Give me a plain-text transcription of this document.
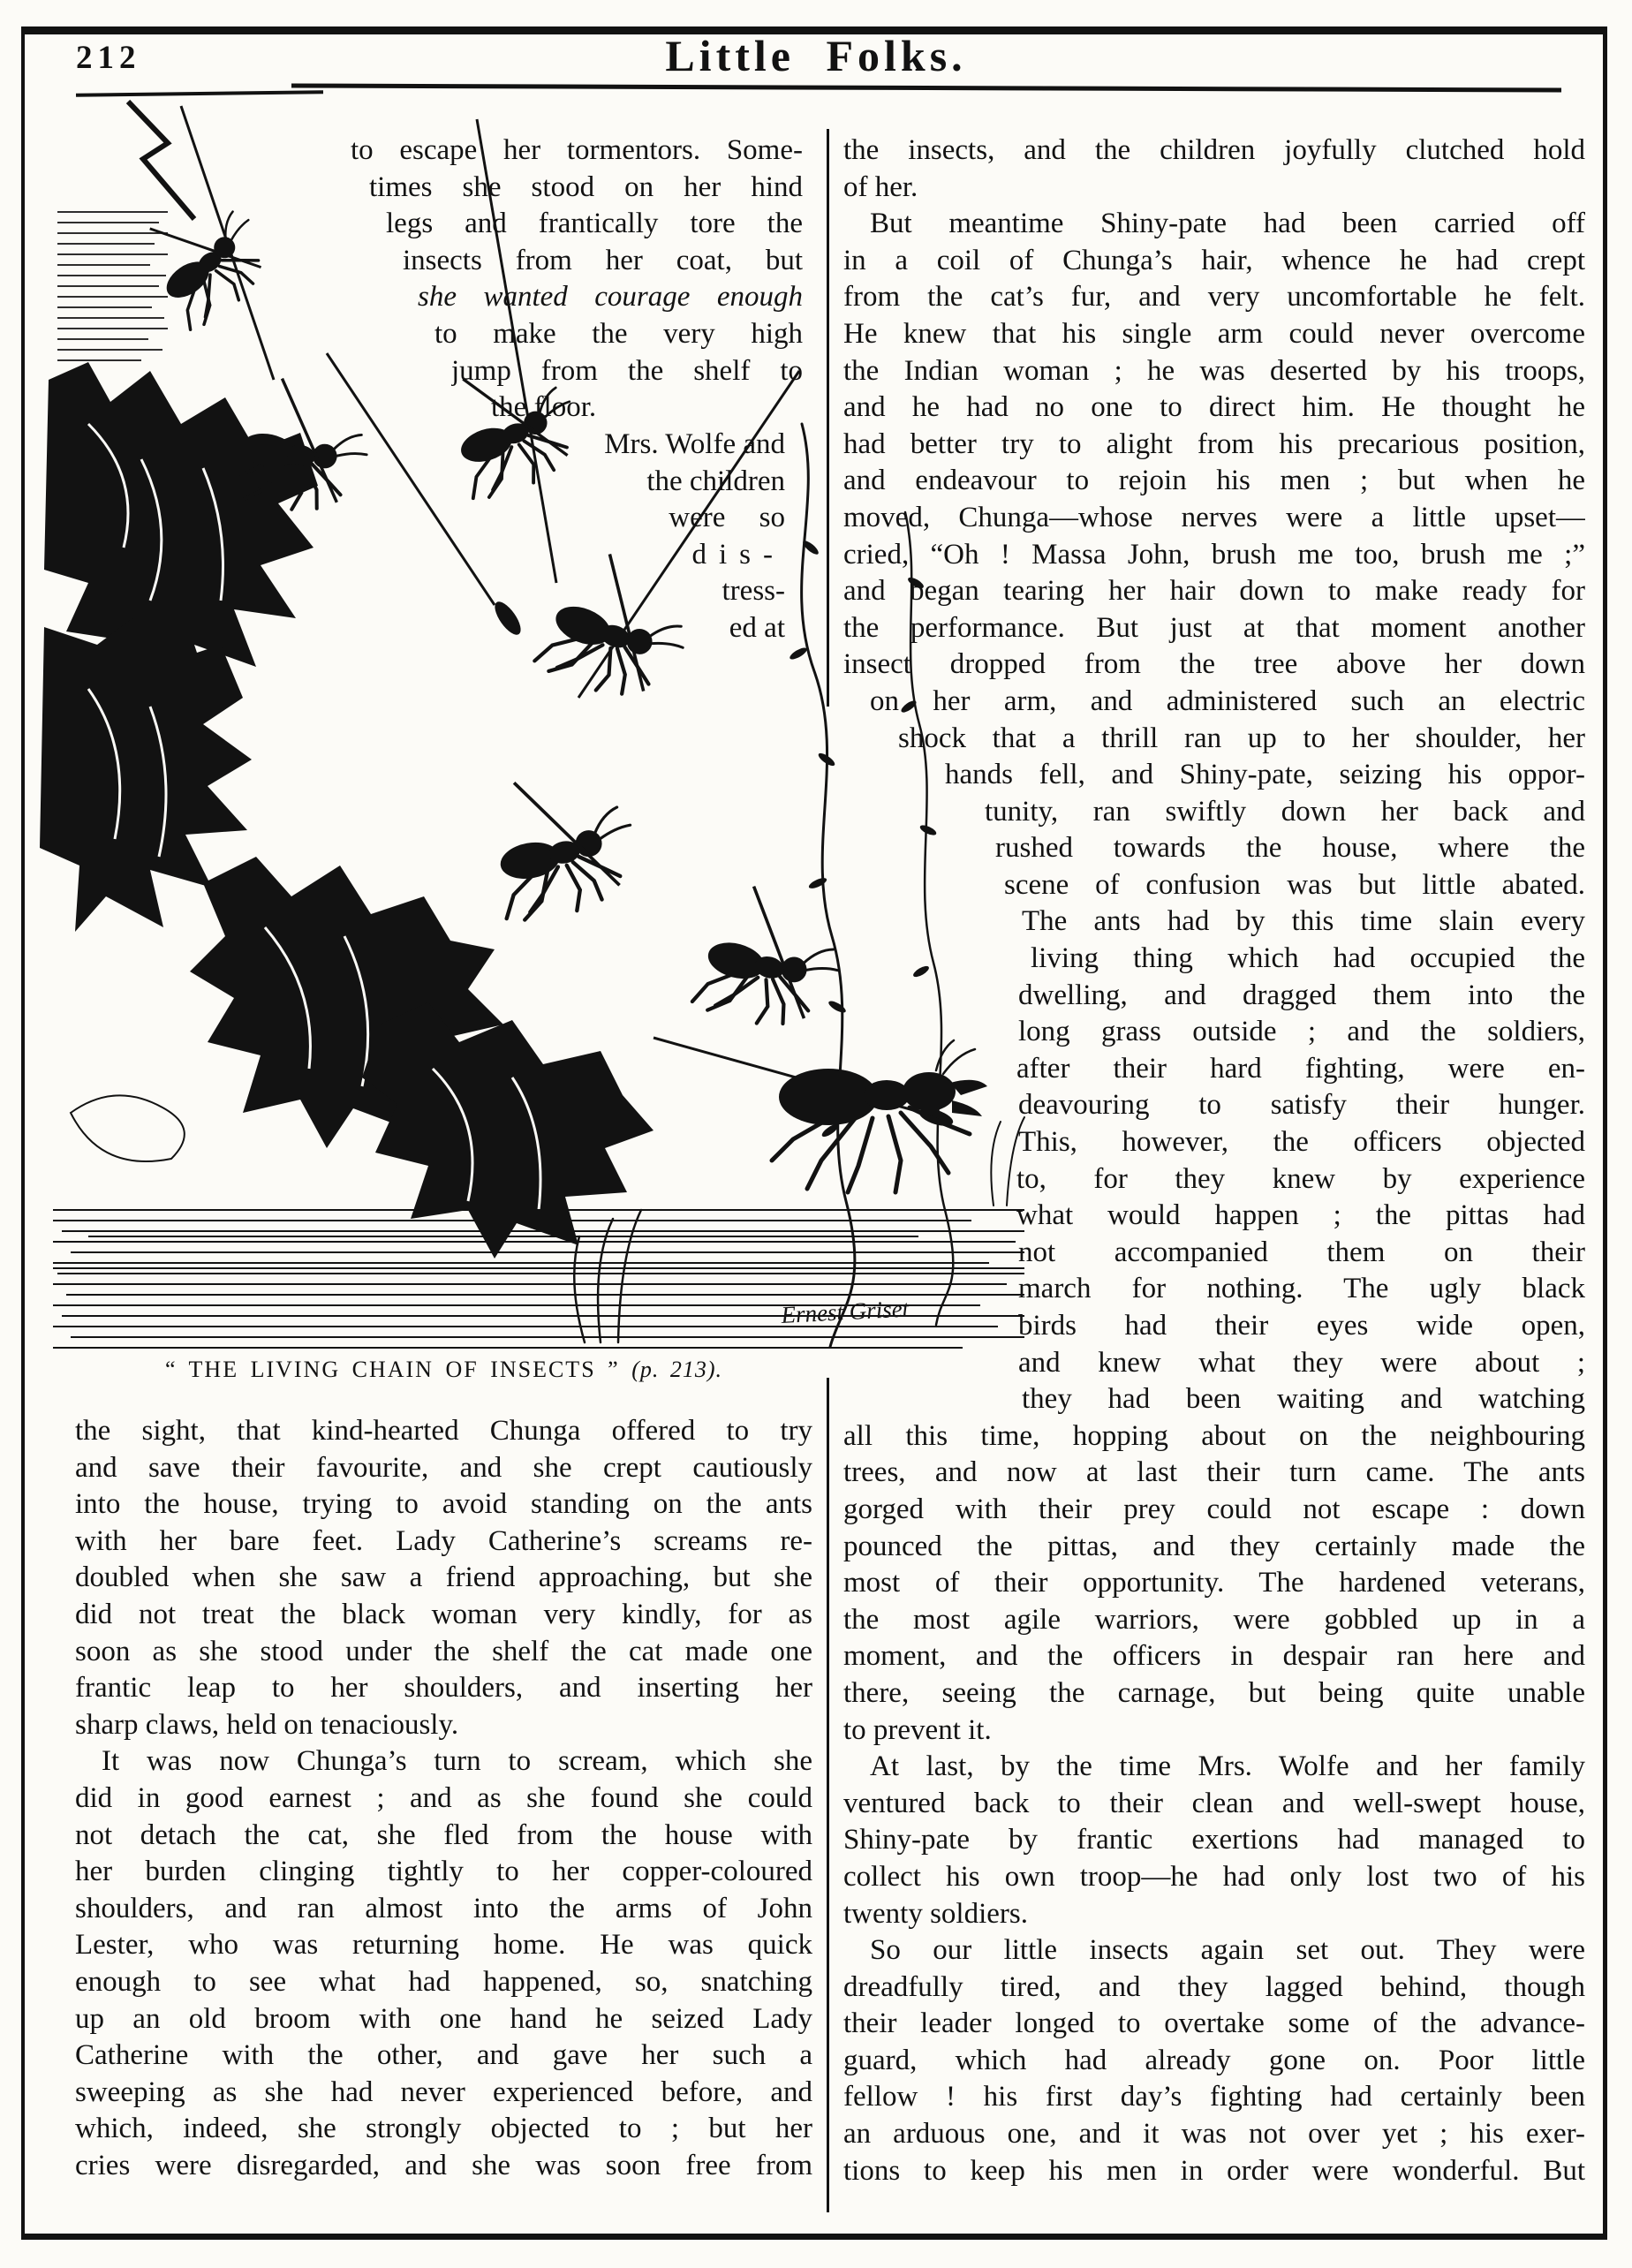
212	Little Folks.
Ernest Griset
to escape her tormentors. Some-
times she stood on her hind
legs and frantically tore the
insects from her coat, but
she wanted courage enough
to make the very high
jump from the shelf to
the floor.
Mrs. Wolfe and
the children
were so
dis-
tress-
ed at
“ THE LIVING CHAIN OF INSECTS ” (p. 213).
the sight, that kind-hearted Chunga offered to try
and save their favourite, and she crept cautiously
into the house, trying to avoid standing on the ants
with her bare feet. Lady Catherine’s screams re-
doubled when she saw a friend approaching, but she
did not treat the black woman very kindly, for as
soon as she stood under the shelf the cat made one
frantic leap to her shoulders, and inserting her
sharp claws, held on tenaciously.
It was now Chunga’s turn to scream, which she
did in good earnest ; and as she found she could
not detach the cat, she fled from the house with
her burden clinging tightly to her copper-coloured
shoulders, and ran almost into the arms of John
Lester, who was returning home. He was quick
enough to see what had happened, so, snatching
up an old broom with one hand he seized Lady
Catherine with the other, and gave her such a
sweeping as she had never experienced before, and
which, indeed, she strongly objected to ; but her
cries were disregarded, and she was soon free from
the insects, and the children joyfully clutched hold
of her.
But meantime Shiny-pate had been carried off
in a coil of Chunga’s hair, whence he had crept
from the cat’s fur, and very uncomfortable he felt.
He knew that his single arm could never overcome
the Indian woman ; he was deserted by his troops,
and he had no one to direct him. He thought he
had better try to alight from his precarious position,
and endeavour to rejoin his men ; but when he
moved, Chunga—whose nerves were a little upset—
cried, “Oh ! Massa John, brush me too, brush me ;”
and began tearing her hair down to make ready for
the performance. But just at that moment another
insect dropped from the tree above her down
on her arm, and administered such an electric
shock that a thrill ran up to her shoulder, her
hands fell, and Shiny-pate, seizing his oppor-
tunity, ran swiftly down her back and
rushed towards the house, where the
scene of confusion was but little abated.
The ants had by this time slain every
living thing which had occupied the
dwelling, and dragged them into the
long grass outside ; and the soldiers,
after their hard fighting, were en-
deavouring to satisfy their hunger.
This, however, the officers objected
to, for they knew by experience
what would happen ; the pittas had
not accompanied them on their
march for nothing. The ugly black
birds had their eyes wide open,
and knew what they were about ;
they had been waiting and watching
all this time, hopping about on the neighbouring
trees, and now at last their turn came. The ants
gorged with their prey could not escape : down
pounced the pittas, and they certainly made the
most of their opportunity. The hardened veterans,
the most agile warriors, were gobbled up in a
moment, and the officers in despair ran here and
there, seeing the carnage, but being quite unable
to prevent it.
At last, by the time Mrs. Wolfe and her family
ventured back to their clean and well-swept house,
Shiny-pate by frantic exertions had managed to
collect his own troop—he had only lost two of his
twenty soldiers.
So our little insects again set out. They were
dreadfully tired, and they lagged behind, though
their leader longed to overtake some of the advance-
guard, which had already gone on. Poor little
fellow ! his first day’s fighting had certainly been
an arduous one, and it was not over yet ; his exer-
tions to keep his men in order were wonderful. But
